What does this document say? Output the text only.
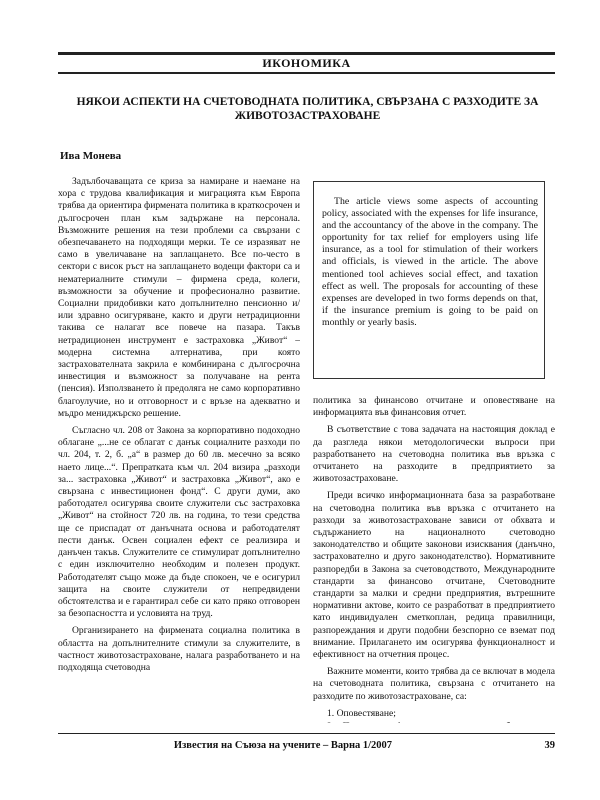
ИКОНОМИКА
НЯКОИ АСПЕКТИ НА СЧЕТОВОДНАТА ПОЛИТИКА, СВЪРЗАНА С РАЗХОДИТЕ ЗА ЖИВОТОЗАСТРАХОВАНЕ
Ива Монева

Задълбочаващата се криза за намиране и наемане на хора с трудова квалификация и миграцията към Европа трябва да ориентира фирмената политика в краткосрочен и дългосрочен план към задържане на персонала. Възможните решения на тези проблеми са свързани с обезпечаването на подходящи мерки. Те се изразяват не само в увеличаване на заплащането. Все по-често в сектори с висок ръст на заплащането водещи фактори са и нематериалните стимули – фирмена среда, колеги, възможности за обучение и професионално развитие. Социални придобивки като допълнително пенсионно и/или здравно осигуряване, както и други нетрадиционни такива се налагат все повече на пазара. Такъв нетрадиционен инструмент е застраховка „Живот“ – модерна системна алтернатива, при която застрахователната закрила е комбинирана с дългосрочна инвестиция и възможност за получаване на рента (пенсия). Използването ѝ предоляга не само корпоративно благоулучие, но и отговорност и с връзе на адекватно и мъдро мениджърско решение.

Съгласно чл. 208 от Закона за корпоративно подоходно облагане „...не се облагат с данък социалните разходи по чл. 204, т. 2, б. „а“ в размер до 60 лв. месечно за всяко наето лице...“. Препратката към чл. 204 визира „разходи за... застраховка „Живот“ и застраховка „Живот“, ако е свързана с инвестиционен фонд“. С други думи, ако работодател осигурява своите служители със застраховка „Живот“ на стойност 720 лв. на година, то тези средства ще се приспадат от данъчната основа и работодателят пести данък. Освен социален ефект се реализира и данъчен такъв. Служителите се стимулират допълнително с един изключително необходим и полезен продукт. Работодателят също може да бъде спокоен, че е осигурил защита на своите служители от непредвидени обстоятелства и е гарантирал себе си като пряко отговорен за безопасността и условията на труд.

Организирането на фирмената социална политика в областта на допълнителните стимули за служителите, в частност животозастраховане, налага разработването и на подходяща счетоводна

The article views some aspects of accounting policy, associated with the expenses for life insurance, and the accountancy of the above in the company. The opportunity for tax relief for employers using life insurance, as a tool for stimulation of their workers and officials, is viewed in the article. The above mentioned tool achieves social effect, and taxation effect as well. The proposals for accounting of these expenses are developed in two forms depends on that, if the insurance premium is going to be paid on monthly or yearly basis.

политика за финансово отчитане и оповестяване на информацията във финансовия отчет.

В съответствие с това задачата на настоящия доклад е да разгледа някои методологически въпроси при разработването на счетоводна политика във връзка с отчитането на разходите в предприятието за животозастраховане.

Преди всичко информационната база за разработване на счетоводна политика във връзка с отчитането на разходи за животозастраховане зависи от обхвата и съдържанието на националното счетоводно законодателство и общите законови изисквания (данъчно, застрахователно и друго законодателство). Нормативните разпоредби в Закона за счетоводството, Международните стандарти за финансово отчитане, Счетоводните стандарти за малки и средни предприятия, вътрешните нормативни актове, които се разработват в предприятието като индивидуален сметкоплан, редица правилници, разпореждания и други подобни безспорно се вземат под внимание. Прилагането им осигурява функционалност и ефективност на отчетния процес.

Важните моменти, които трябва да се включат в модела на счетоводната политика, свързана с отчитането на разходите по животозастраховане, са:

1. Оповестяване;

Известия на Съюза на учените – Варна 1/2007	39
